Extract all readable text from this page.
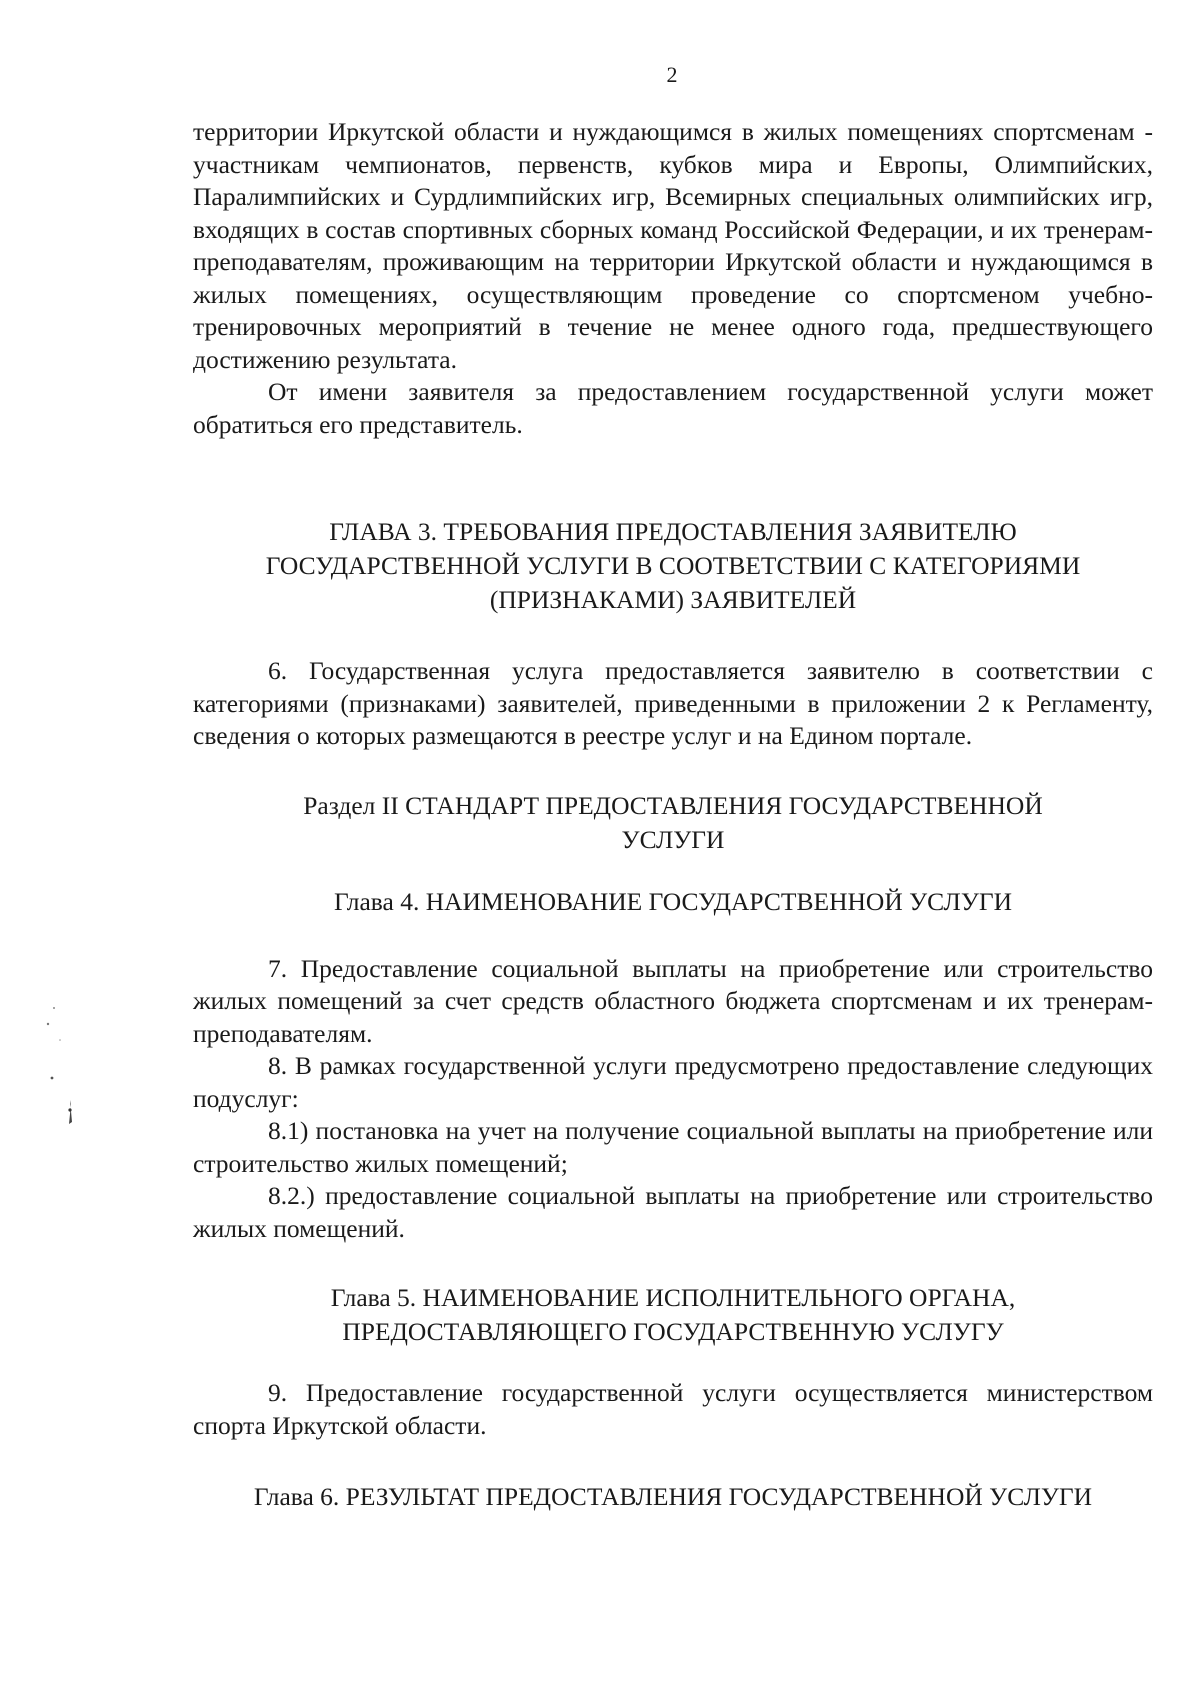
2

территории Иркутской области и нуждающимся в жилых помещениях спортсменам - участникам чемпионатов, первенств, кубков мира и Европы, Олимпийских, Паралимпийских и Сурдлимпийских игр, Всемирных специальных олимпийских игр, входящих в состав спортивных сборных команд Российской Федерации, и их тренерам-преподавателям, проживающим на территории Иркутской области и нуждающимся в жилых помещениях, осуществляющим проведение со спортсменом учебно-тренировочных мероприятий в течение не менее одного года, предшествующего достижению результата.

От имени заявителя за предоставлением государственной услуги может обратиться его представитель.

ГЛАВА 3. ТРЕБОВАНИЯ ПРЕДОСТАВЛЕНИЯ ЗАЯВИТЕЛЮ
ГОСУДАРСТВЕННОЙ УСЛУГИ В СООТВЕТСТВИИ С КАТЕГОРИЯМИ
(ПРИЗНАКАМИ) ЗАЯВИТЕЛЕЙ

6. Государственная услуга предоставляется заявителю в соответствии с категориями (признаками) заявителей, приведенными в приложении 2 к Регламенту, сведения о которых размещаются в реестре услуг и на Едином портале.

Раздел II СТАНДАРТ ПРЕДОСТАВЛЕНИЯ ГОСУДАРСТВЕННОЙ
УСЛУГИ
Глава 4. НАИМЕНОВАНИЕ ГОСУДАРСТВЕННОЙ УСЛУГИ

7. Предоставление социальной выплаты на приобретение или строительство жилых помещений за счет средств областного бюджета спортсменам и их тренерам-преподавателям.

8. В рамках государственной услуги предусмотрено предоставление следующих подуслуг:

8.1) постановка на учет на получение социальной выплаты на приобретение или строительство жилых помещений;

8.2.) предоставление социальной выплаты на приобретение или строительство жилых помещений.

Глава 5. НАИМЕНОВАНИЕ ИСПОЛНИТЕЛЬНОГО ОРГАНА,
ПРЕДОСТАВЛЯЮЩЕГО ГОСУДАРСТВЕННУЮ УСЛУГУ

9. Предоставление государственной услуги осуществляется министерством спорта Иркутской области.

Глава 6. РЕЗУЛЬТАТ ПРЕДОСТАВЛЕНИЯ ГОСУДАРСТВЕННОЙ УСЛУГИ
